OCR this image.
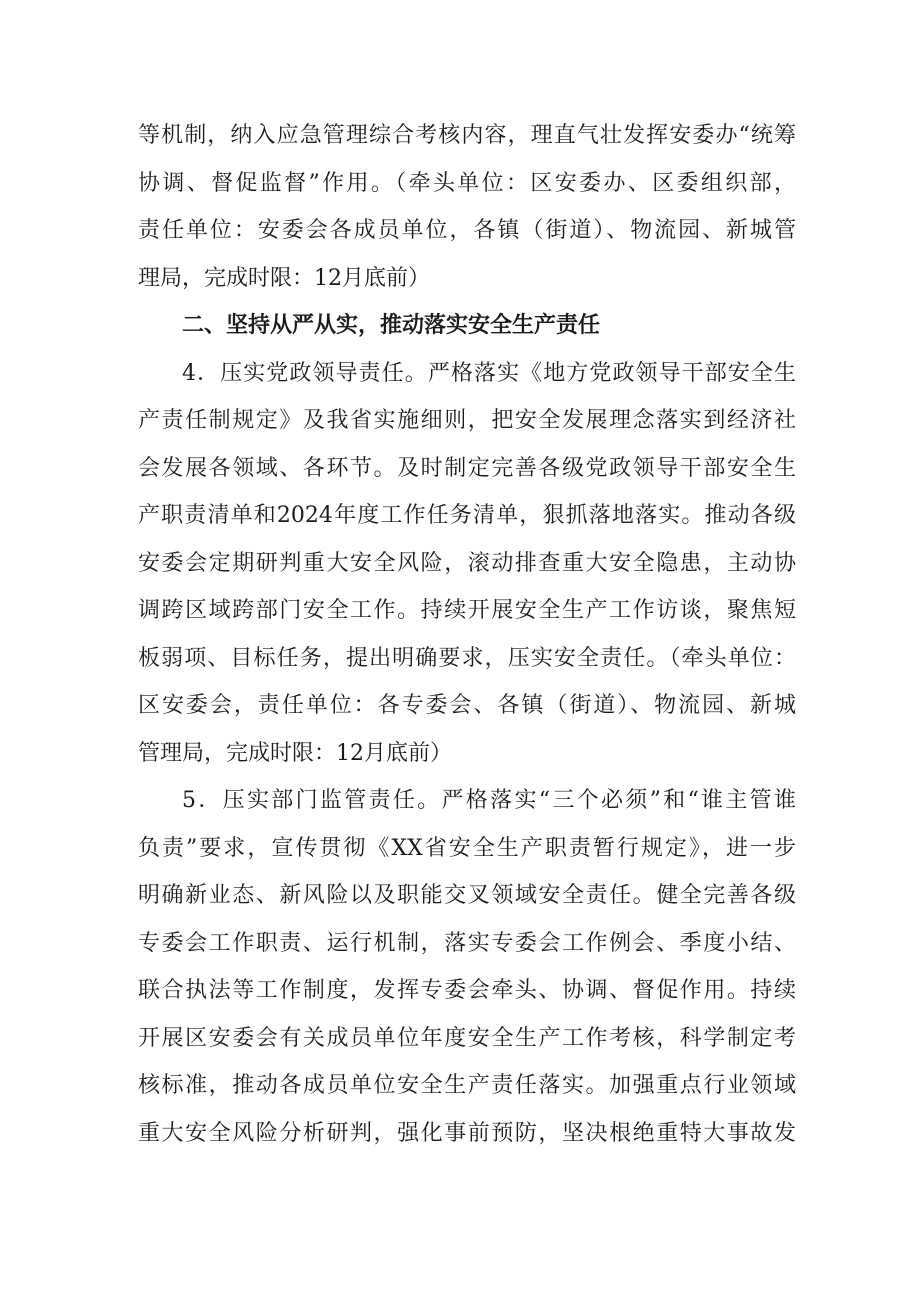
等机制，纳入应急管理综合考核内容，理直气壮发挥安委办“统筹
协调、督促监督”作用。（牵头单位：区安委办、区委组织部，
责任单位：安委会各成员单位，各镇（街道）、物流园、新城管
理局，完成时限：12月底前）
二、坚持从严从实，推动落实安全生产责任
4．压实党政领导责任。严格落实《地方党政领导干部安全生
产责任制规定》及我省实施细则，把安全发展理念落实到经济社
会发展各领域、各环节。及时制定完善各级党政领导干部安全生
产职责清单和2024年度工作任务清单，狠抓落地落实。推动各级
安委会定期研判重大安全风险，滚动排查重大安全隐患，主动协
调跨区域跨部门安全工作。持续开展安全生产工作访谈，聚焦短
板弱项、目标任务，提出明确要求，压实安全责任。（牵头单位：
区安委会，责任单位：各专委会、各镇（街道）、物流园、新城
管理局，完成时限：12月底前）
5．压实部门监管责任。严格落实“三个必须”和“谁主管谁
负责”要求，宣传贯彻《XX省安全生产职责暂行规定》，进一步
明确新业态、新风险以及职能交叉领域安全责任。健全完善各级
专委会工作职责、运行机制，落实专委会工作例会、季度小结、
联合执法等工作制度，发挥专委会牵头、协调、督促作用。持续
开展区安委会有关成员单位年度安全生产工作考核，科学制定考
核标准，推动各成员单位安全生产责任落实。加强重点行业领域
重大安全风险分析研判，强化事前预防，坚决根绝重特大事故发
